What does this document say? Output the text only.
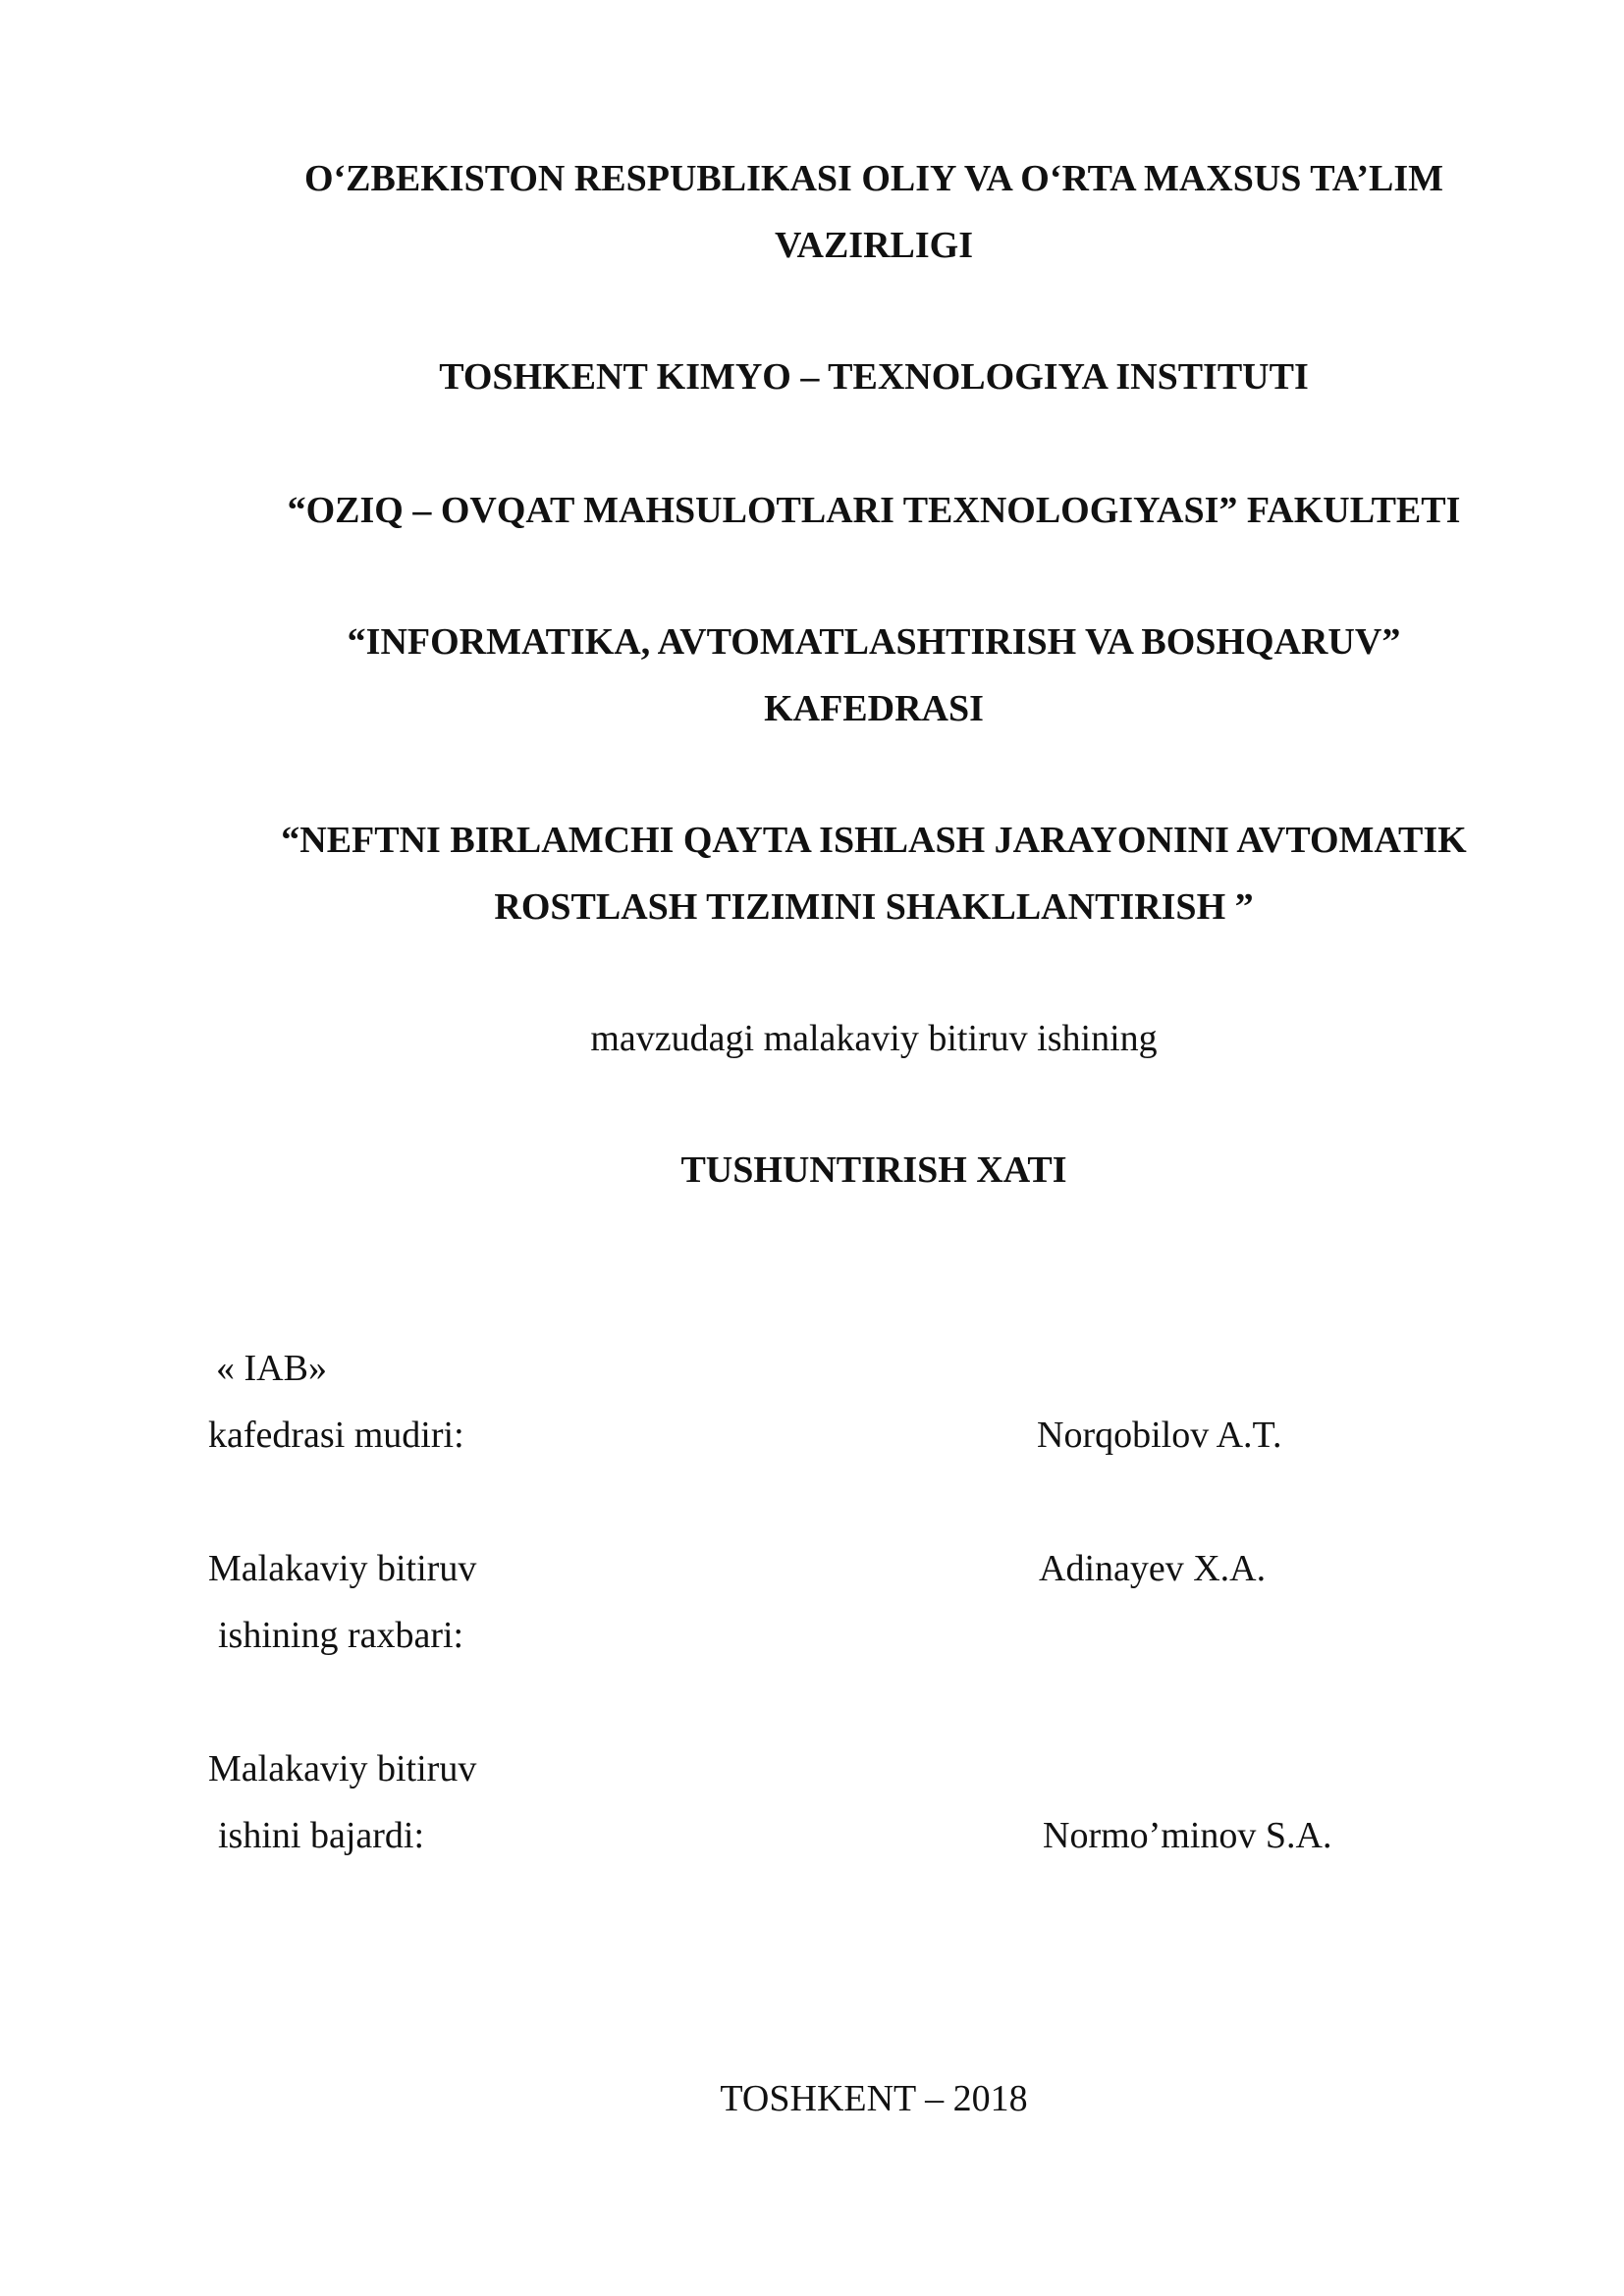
O‘ZBEKISTON RESPUBLIKASI OLIY VA O‘RTA MAXSUS TA’LIM

VAZIRLIGI

TOSHKENT KIMYO – TEXNOLOGIYA INSTITUTI

“OZIQ – OVQAT MAHSULOTLARI TEXNOLOGIYASI” FAKULTETI

“INFORMATIKA, AVTOMATLASHTIRISH VA BOSHQARUV”

KAFEDRASI

“NEFTNI BIRLAMCHI QAYTA ISHLASH JARAYONINI AVTOMATIK

ROSTLASH TIZIMINI SHAKLLANTIRISH ”

mavzudagi malakaviy bitiruv ishining

TUSHUNTIRISH XATI

« IAB»

kafedrasi mudiri:	Norqobilov A.T.

Malakaviy bitiruv	Adinayev X.A.

ishining raxbari:

Malakaviy bitiruv

ishini bajardi:	Normo’minov S.A.

TOSHKENT – 2018
